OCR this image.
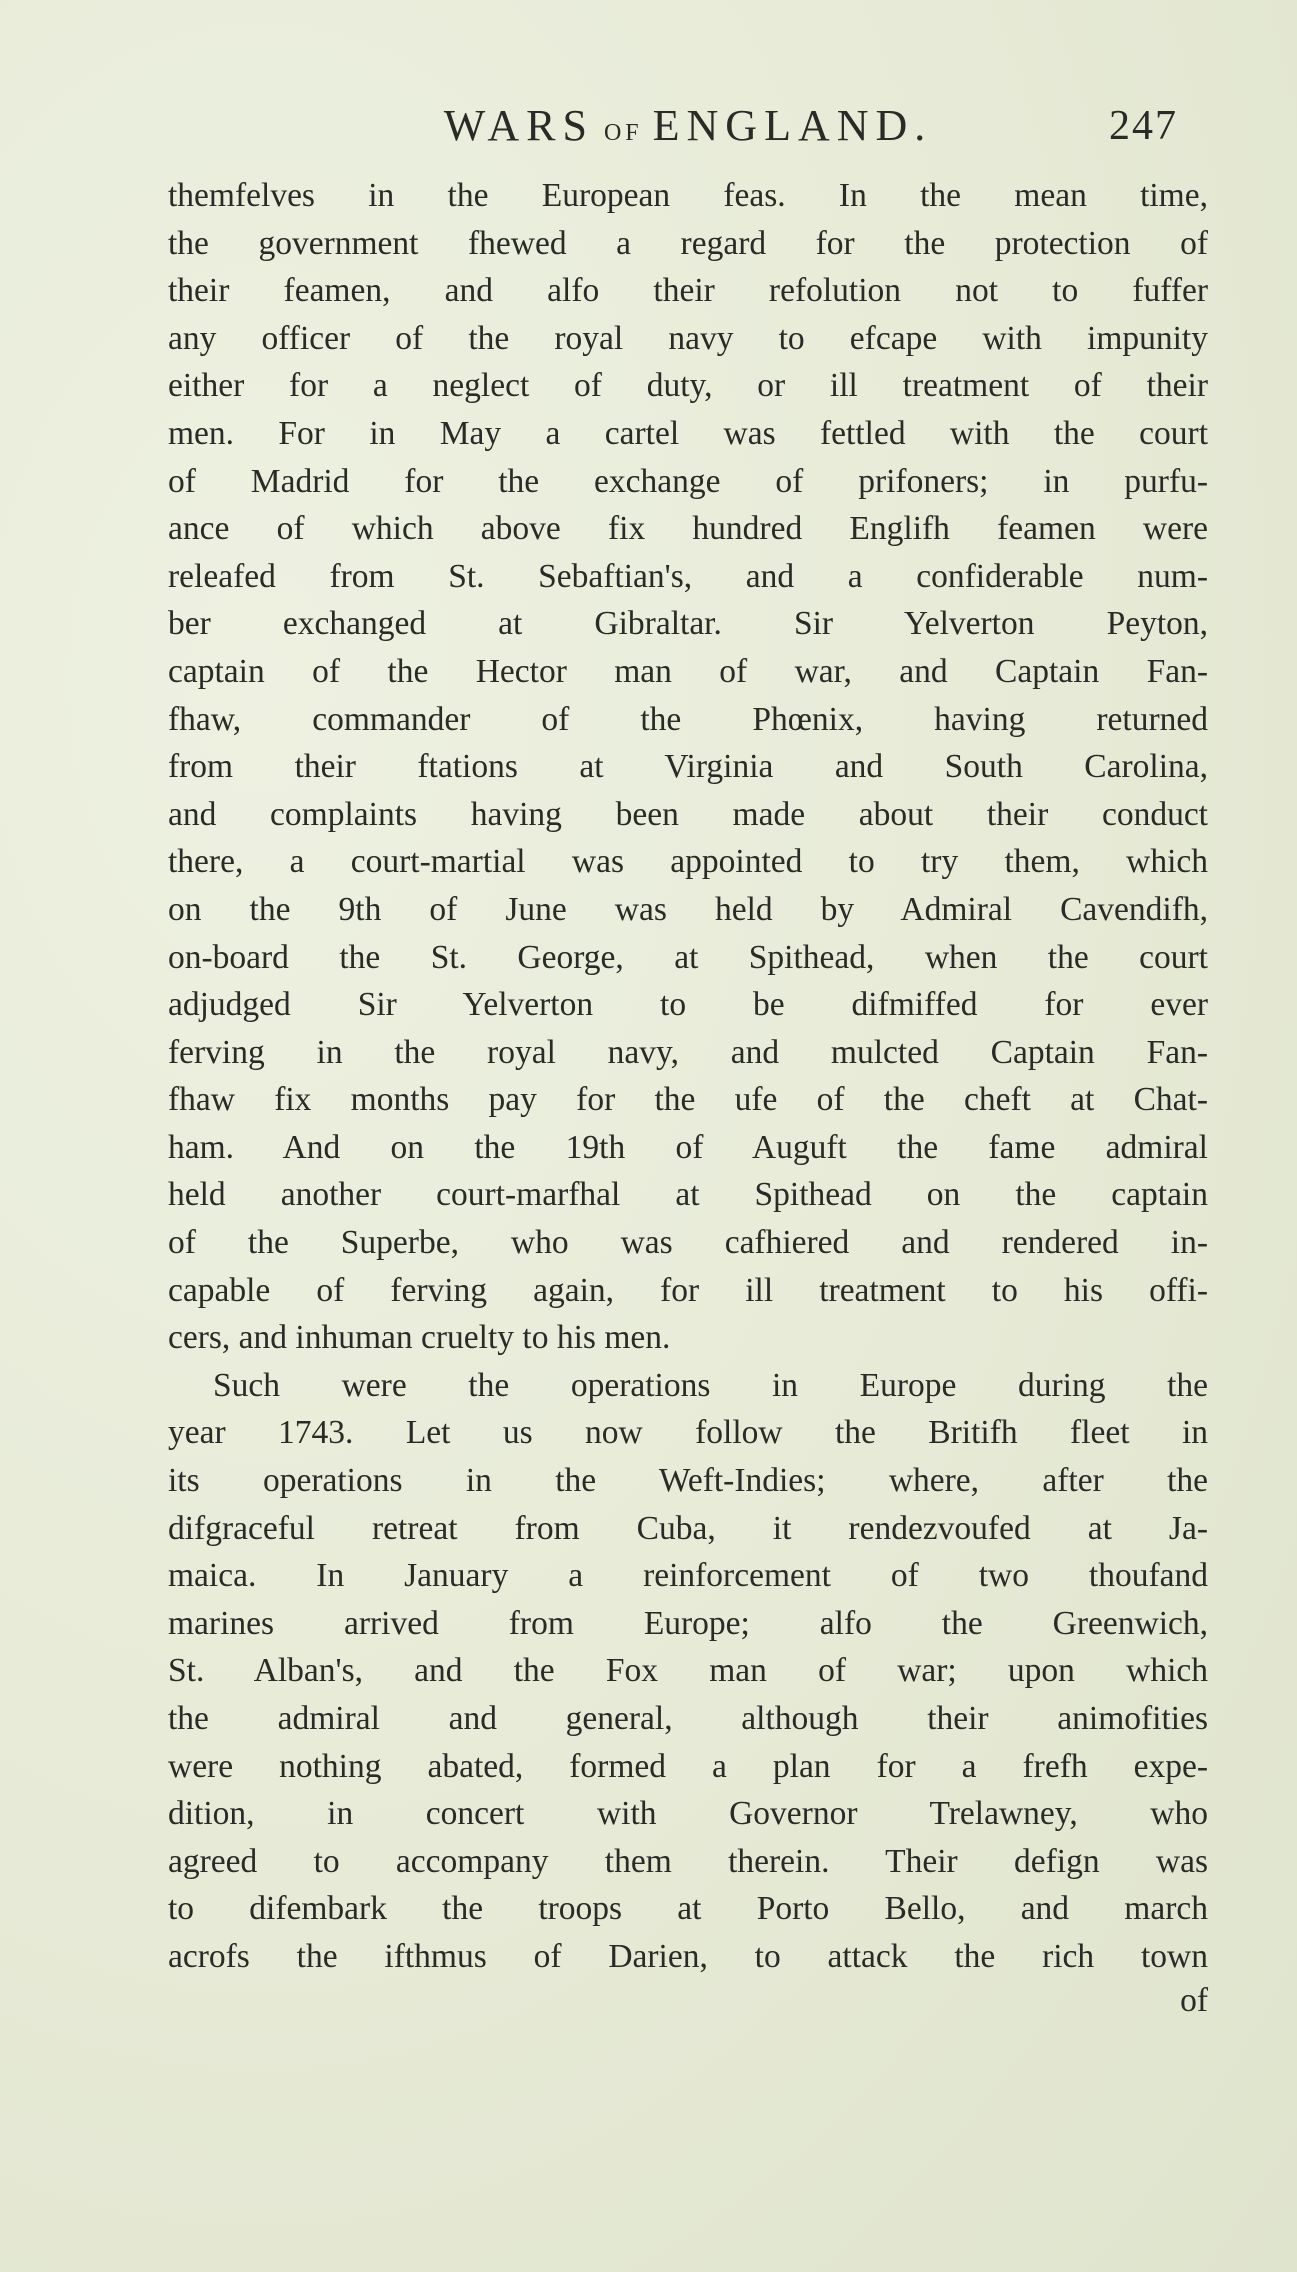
WARS OF ENGLAND.	247
themfelves in the European feas. In the mean time,
the government fhewed a regard for the protection of
their feamen, and alfo their refolution not to fuffer
any officer of the royal navy to efcape with impunity
either for a neglect of duty, or ill treatment of their
men. For in May a cartel was fettled with the court
of Madrid for the exchange of prifoners; in purfu-
ance of which above fix hundred Englifh feamen were
releafed from St. Sebaftian's, and a confiderable num-
ber exchanged at Gibraltar. Sir Yelverton Peyton,
captain of the Hector man of war, and Captain Fan-
fhaw, commander of the Phœnix, having returned
from their ftations at Virginia and South Carolina,
and complaints having been made about their conduct
there, a court-martial was appointed to try them, which
on the 9th of June was held by Admiral Cavendifh,
on-board the St. George, at Spithead, when the court
adjudged Sir Yelverton to be difmiffed for ever
ferving in the royal navy, and mulcted Captain Fan-
fhaw fix months pay for the ufe of the cheft at Chat-
ham. And on the 19th of Auguft the fame admiral
held another court-marfhal at Spithead on the captain
of the Superbe, who was cafhiered and rendered in-
capable of ferving again, for ill treatment to his offi-
cers, and inhuman cruelty to his men.
Such were the operations in Europe during the
year 1743. Let us now follow the Britifh fleet in
its operations in the Weft-Indies; where, after the
difgraceful retreat from Cuba, it rendezvoufed at Ja-
maica. In January a reinforcement of two thoufand
marines arrived from Europe; alfo the Greenwich,
St. Alban's, and the Fox man of war; upon which
the admiral and general, although their animofities
were nothing abated, formed a plan for a frefh expe-
dition, in concert with Governor Trelawney, who
agreed to accompany them therein. Their defign was
to difembark the troops at Porto Bello, and march
acrofs the ifthmus of Darien, to attack the rich town
of
